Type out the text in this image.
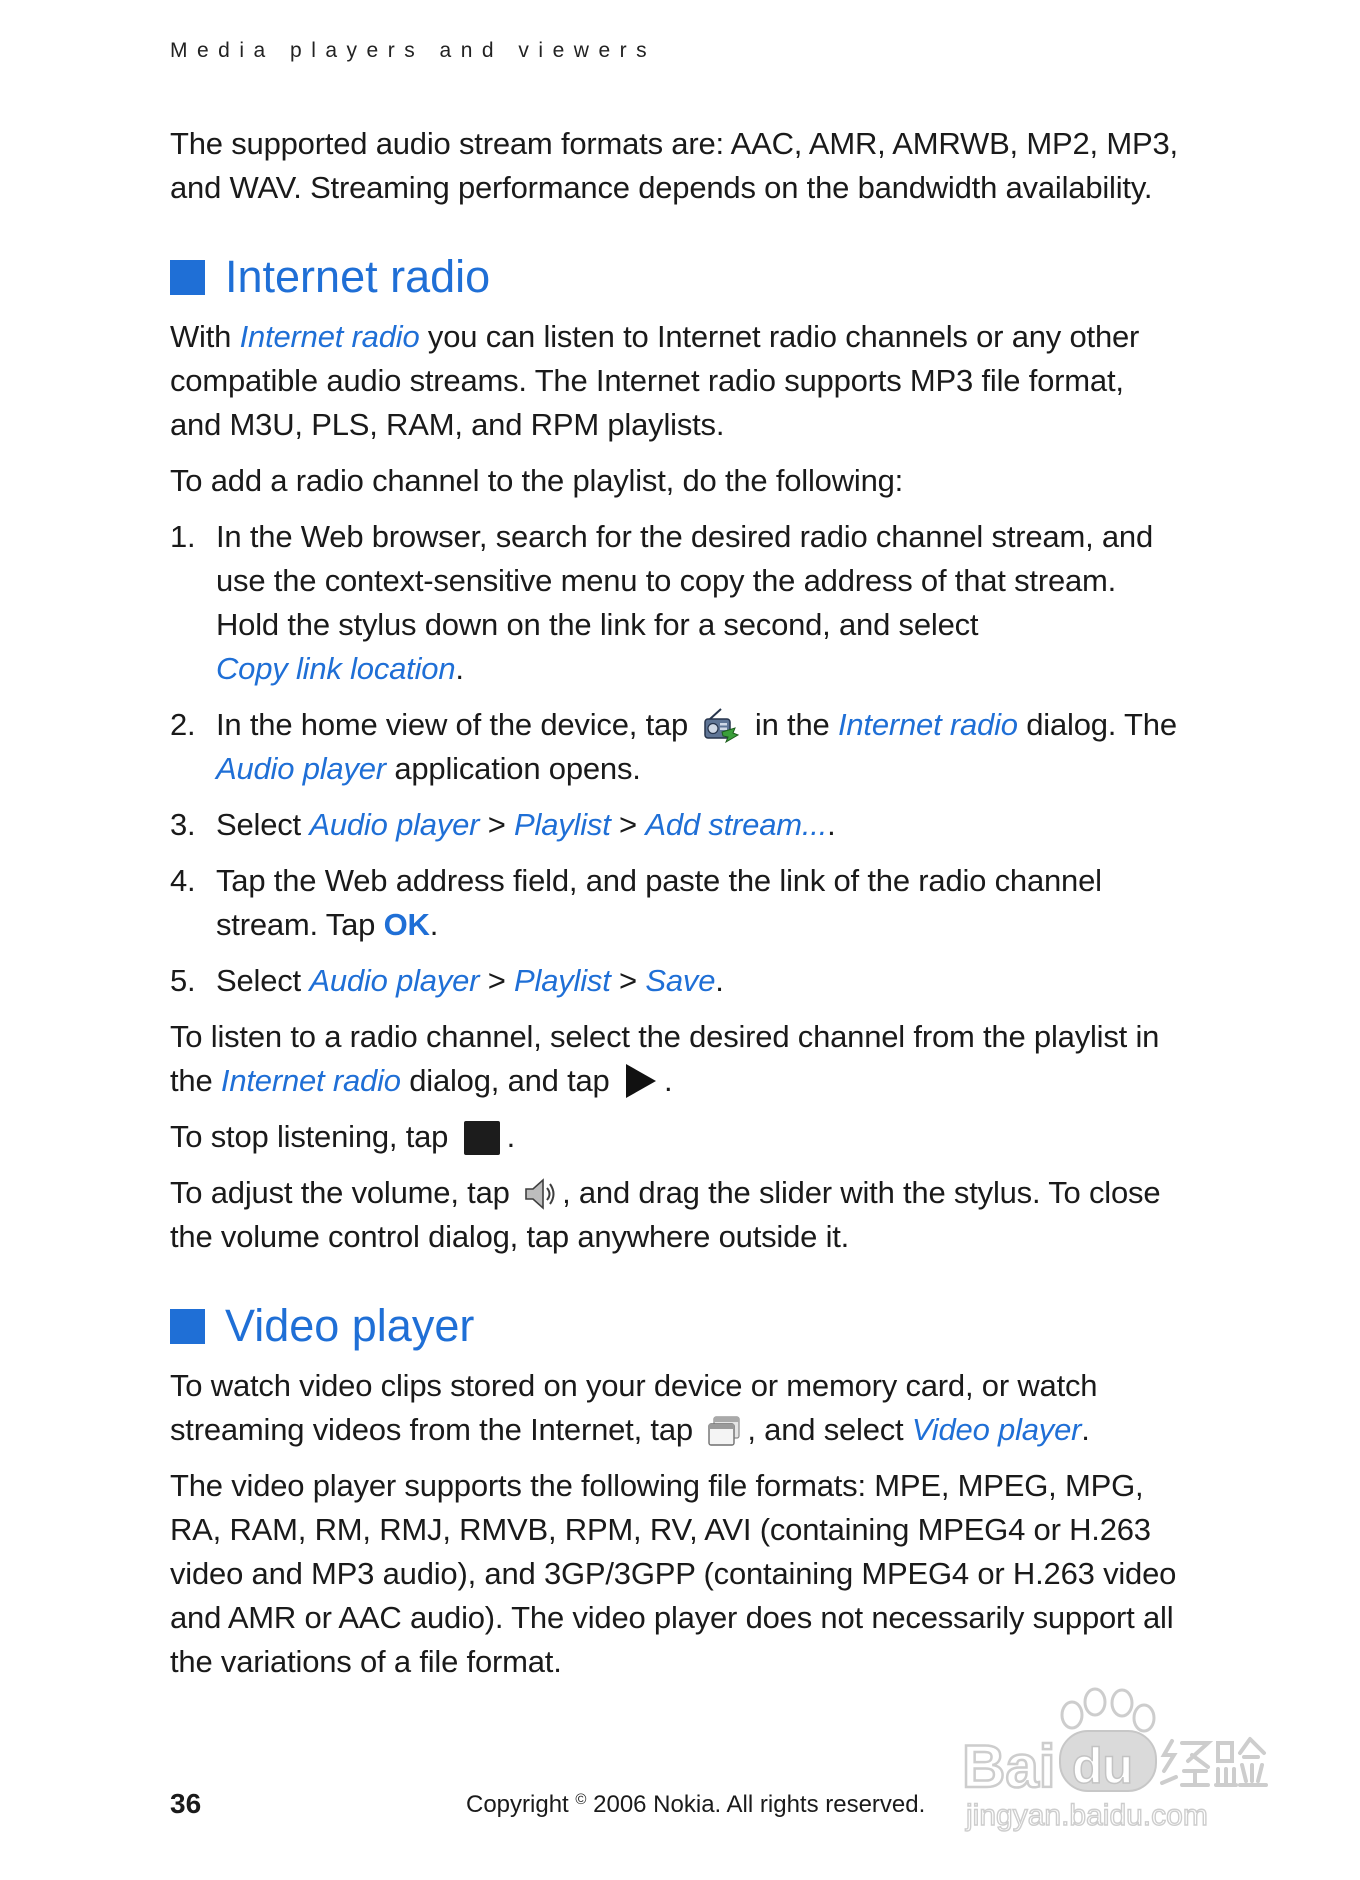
Media players and viewers

The supported audio stream formats are: AAC, AMR, AMRWB, MP2, MP3, and WAV. Streaming performance depends on the bandwidth availability.

Internet radio

With Internet radio you can listen to Internet radio channels or any other compatible audio streams. The Internet radio supports MP3 file format, and M3U, PLS, RAM, and RPM playlists.

To add a radio channel to the playlist, do the following:

1. In the Web browser, search for the desired radio channel stream, and use the context-sensitive menu to copy the address of that stream. Hold the stylus down on the link for a second, and select Copy link location.
2. In the home view of the device, tap
in the Internet radio dialog. The Audio player application opens.
3. Select Audio player > Playlist > Add stream....
4. Tap the Web address field, and paste the link of the radio channel stream. Tap OK.
5. Select Audio player > Playlist > Save.

To listen to a radio channel, select the desired channel from the playlist in the Internet radio dialog, and tap
.

To stop listening, tap
.

To adjust the volume, tap
, and drag the slider with the stylus. To close the volume control dialog, tap anywhere outside it.

Video player

To watch video clips stored on your device or memory card, or watch streaming videos from the Internet, tap
, and select Video player.

The video player supports the following file formats: MPE, MPEG, MPG, RA, RAM, RM, RMJ, RMVB, RPM, RV, AVI (containing MPEG4 or H.263 video and MP3 audio), and 3GP/3GPP (containing MPEG4 or H.263 video and AMR or AAC audio). The video player does not necessarily support all the variations of a file format.

36	Copyright © 2006 Nokia. All rights reserved.
Bai du
jingyan.baidu.com
